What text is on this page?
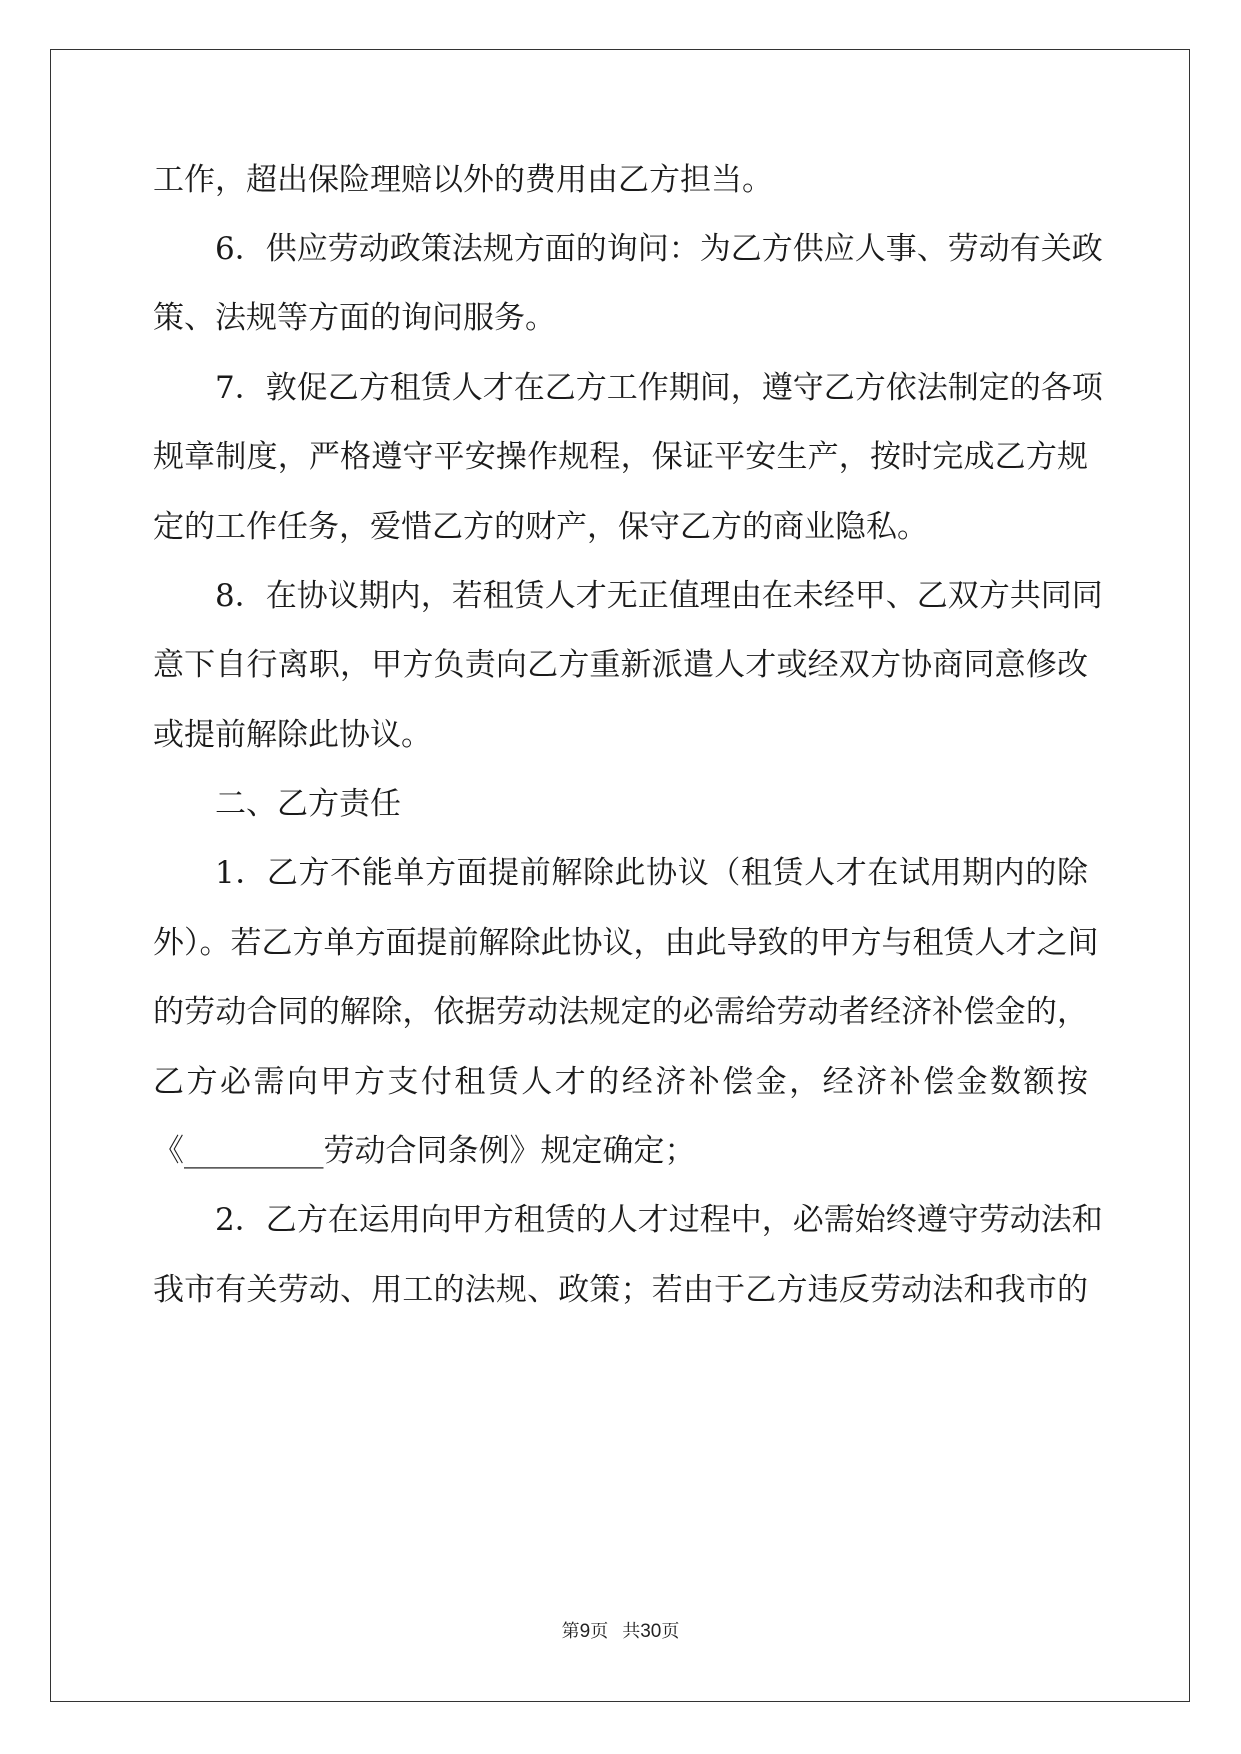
工作，超出保险理赔以外的费用由乙方担当。
6．供应劳动政策法规方面的询问：为乙方供应人事、劳动有关政
策、法规等方面的询问服务。
7．敦促乙方租赁人才在乙方工作期间，遵守乙方依法制定的各项
规章制度，严格遵守平安操作规程，保证平安生产，按时完成乙方规
定的工作任务，爱惜乙方的财产，保守乙方的商业隐私。
8．在协议期内，若租赁人才无正值理由在未经甲、乙双方共同同
意下自行离职，甲方负责向乙方重新派遣人才或经双方协商同意修改
或提前解除此协议。
二、乙方责任
1．乙方不能单方面提前解除此协议（租赁人才在试用期内的除
外）。若乙方单方面提前解除此协议，由此导致的甲方与租赁人才之间
的劳动合同的解除，依据劳动法规定的必需给劳动者经济补偿金的，
乙方必需向甲方支付租赁人才的经济补偿金，经济补偿金数额按
《_________劳动合同条例》规定确定；
2．乙方在运用向甲方租赁的人才过程中，必需始终遵守劳动法和
我市有关劳动、用工的法规、政策；若由于乙方违反劳动法和我市的
第9页 共30页
